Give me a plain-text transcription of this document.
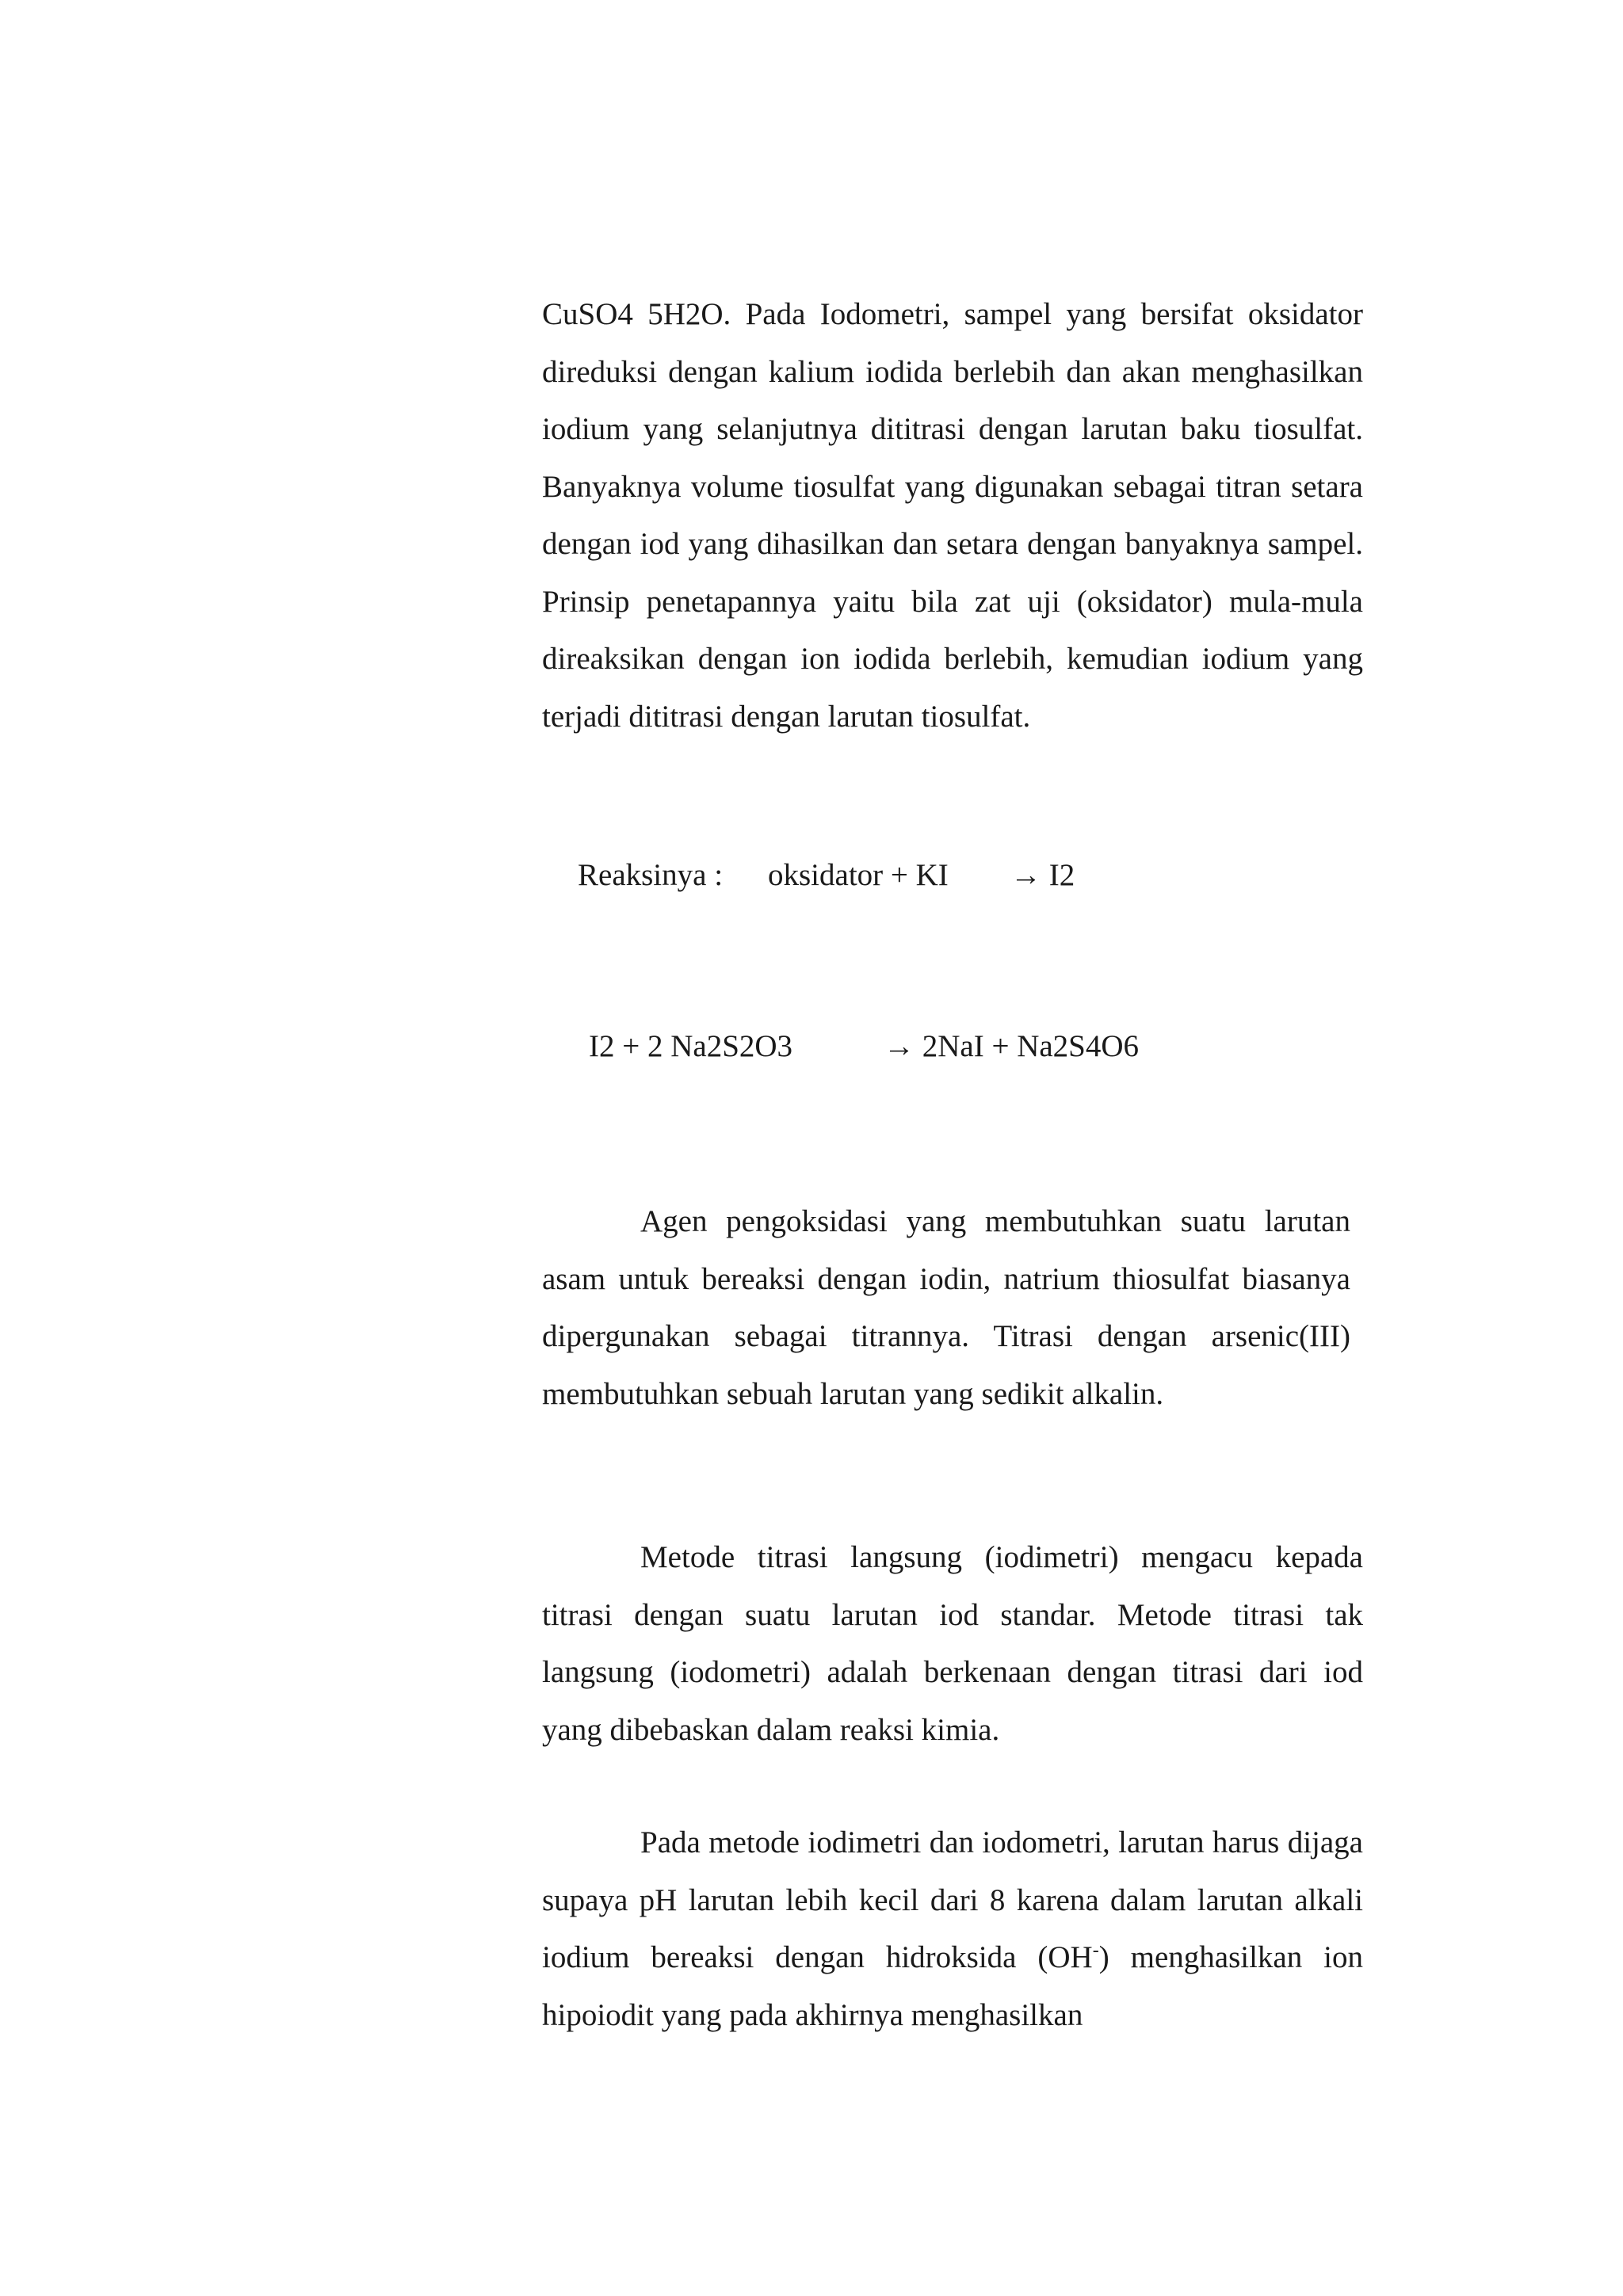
CuSO4 5H2O. Pada Iodometri, sampel yang bersifat oksidator direduksi dengan kalium iodida berlebih dan akan menghasilkan iodium yang selanjutnya dititrasi dengan larutan baku tiosulfat. Banyaknya volume tiosulfat yang digunakan sebagai titran setara dengan iod yang dihasilkan dan setara dengan banyaknya sampel. Prinsip penetapannya yaitu bila zat uji (oksidator) mula-mula direaksikan dengan ion iodida berlebih, kemudian iodium yang terjadi dititrasi dengan larutan tiosulfat.

Reaksinya : oksidator + KI → I2
I2 + 2 Na2S2O3	→ 2NaI + Na2S4O6

Agen pengoksidasi yang membutuhkan suatu larutan asam untuk bereaksi dengan iodin, natrium thiosulfat biasanya dipergunakan sebagai titrannya. Titrasi dengan arsenic(III) membutuhkan sebuah larutan yang sedikit alkalin.

Metode titrasi langsung (iodimetri) mengacu kepada titrasi dengan suatu larutan iod standar. Metode titrasi tak langsung (iodometri) adalah berkenaan dengan titrasi dari iod yang dibebaskan dalam reaksi kimia.

Pada metode iodimetri dan iodometri, larutan harus dijaga supaya pH larutan lebih kecil dari 8 karena dalam larutan alkali iodium bereaksi dengan hidroksida (OH-) menghasilkan ion hipoiodit yang pada akhirnya menghasilkan
